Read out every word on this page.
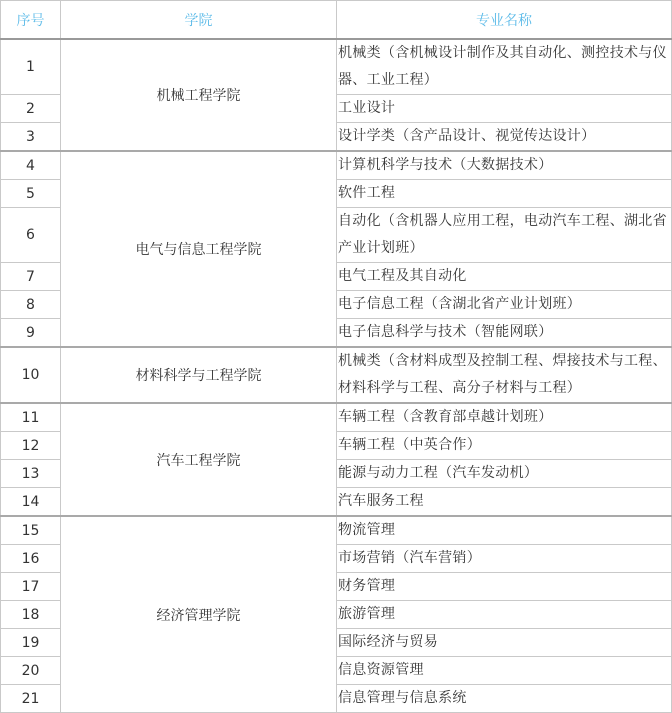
序号	学院	专业名称
1	机械工程学院	机械类（含机械设计制作及其自动化、测控技术与仪器、工业工程）
2		工业设计
3		设计学类（含产品设计、视觉传达设计）
4	电气与信息工程学院	计算机科学与技术（大数据技术）
5		软件工程
6		自动化（含机器人应用工程，电动汽车工程、湖北省产业计划班）
7		电气工程及其自动化
8		电子信息工程（含湖北省产业计划班）
9		电子信息科学与技术（智能网联）
10	材料科学与工程学院	机械类（含材料成型及控制工程、焊接技术与工程、材料科学与工程、高分子材料与工程）
11	汽车工程学院	车辆工程（含教育部卓越计划班）
12		车辆工程（中英合作）
13		能源与动力工程（汽车发动机）
14		汽车服务工程
15	经济管理学院	物流管理
16		市场营销（汽车营销）
17		财务管理
18		旅游管理
19		国际经济与贸易
20		信息资源管理
21		信息管理与信息系统
